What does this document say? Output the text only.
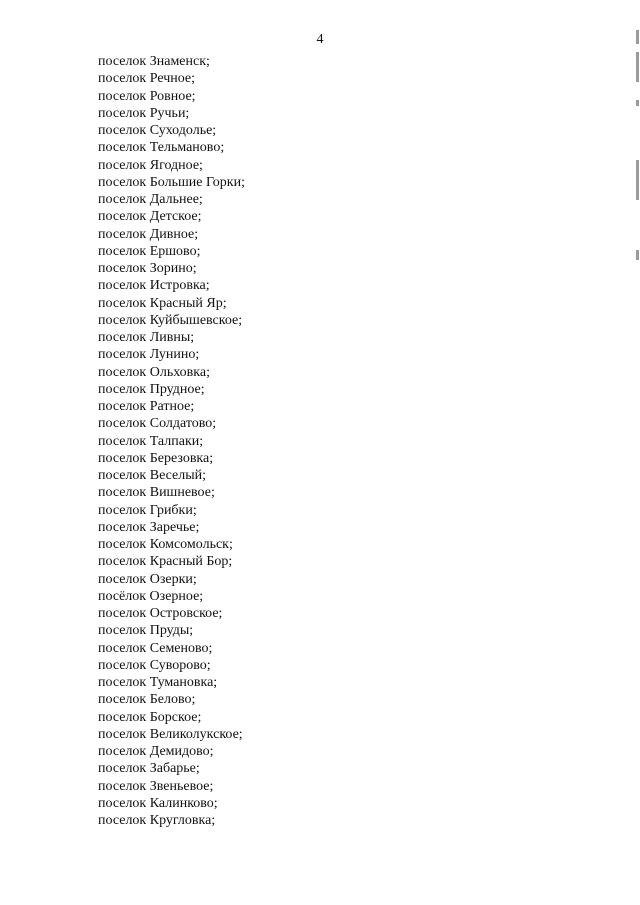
4
поселок Знаменск;
поселок Речное;
поселок Ровное;
поселок Ручьи;
поселок Суходолье;
поселок Тельманово;
поселок Ягодное;
поселок Большие Горки;
поселок Дальнее;
поселок Детское;
поселок Дивное;
поселок Ершово;
поселок Зорино;
поселок Истровка;
поселок Красный Яр;
поселок Куйбышевское;
поселок Ливны;
поселок Лунино;
поселок Ольховка;
поселок Прудное;
поселок Ратное;
поселок Солдатово;
поселок Талпаки;
поселок Березовка;
поселок Веселый;
поселок Вишневое;
поселок Грибки;
поселок Заречье;
поселок Комсомольск;
поселок Красный Бор;
поселок Озерки;
посёлок Озерное;
поселок Островское;
поселок Пруды;
поселок Семеново;
поселок Суворово;
поселок Тумановка;
поселок Белово;
поселок Борское;
поселок Великолукское;
поселок Демидово;
поселок Забарье;
поселок Звеньевое;
поселок Калинково;
поселок Кругловка;
